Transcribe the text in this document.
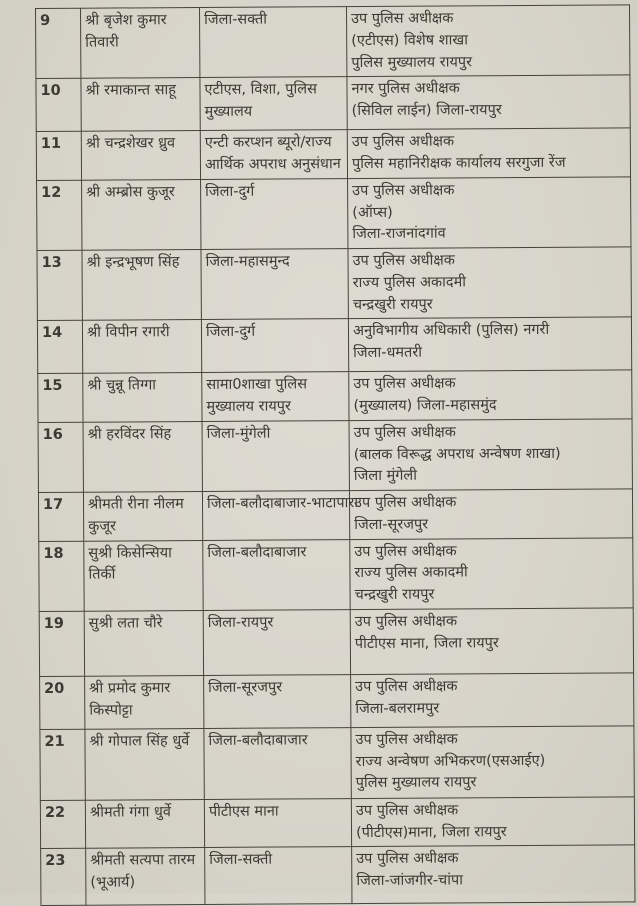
9	श्री बृजेश कुमार तिवारी	जिला-सक्ती	उप पुलिस अधीक्षक
(एटीएस) विशेष शाखा
पुलिस मुख्यालय रायपुर

10	श्री रमाकान्त साहू	एटीएस, विशा, पुलिस मुख्यालय	नगर पुलिस अधीक्षक
(सिविल लाईन) जिला-रायपुर

11	श्री चन्द्रशेखर ध्रुव	एन्टी करप्शन ब्यूरो/राज्य आर्थिक अपराध अनुसंधान	उप पुलिस अधीक्षक
पुलिस महानिरीक्षक कार्यालय सरगुजा रेंज

12	श्री अम्ब्रोस कुजूर	जिला-दुर्ग	उप पुलिस अधीक्षक
(ऑप्स)
जिला-राजनांदगांव

13	श्री इन्द्रभूषण सिंह	जिला-महासमुन्द	उप पुलिस अधीक्षक
राज्य पुलिस अकादमी
चन्द्रखुरी रायपुर

14	श्री विपीन रगारी	जिला-दुर्ग	अनुविभागीय अधिकारी (पुलिस) नगरी
जिला-धमतरी

15	श्री चुन्नू तिग्गा	सामा0शाखा पुलिस मुख्यालय रायपुर	उप पुलिस अधीक्षक
(मुख्यालय) जिला-महासमुंद

16	श्री हरविंदर सिंह	जिला-मुंगेली	उप पुलिस अधीक्षक
(बालक विरूद्ध अपराध अन्वेषण शाखा)
जिला मुंगेली

17	श्रीमती रीना नीलम कुजूर	जिला-बलौदाबाजार-भाटापारा	उप पुलिस अधीक्षक
जिला-सूरजपुर

18	सुश्री किसेन्सिया तिर्की	जिला-बलौदाबाजार	उप पुलिस अधीक्षक
राज्य पुलिस अकादमी
चन्द्रखुरी रायपुर

19	सुश्री लता चौरे	जिला-रायपुर	उप पुलिस अधीक्षक
पीटीएस माना, जिला रायपुर

20	श्री प्रमोद कुमार किस्पोट्टा	जिला-सूरजपुर	उप पुलिस अधीक्षक
जिला-बलरामपुर

21	श्री गोपाल सिंह धुर्वे	जिला-बलौदाबाजार	उप पुलिस अधीक्षक
राज्य अन्वेषण अभिकरण(एसआईए)
पुलिस मुख्यालय रायपुर

22	श्रीमती गंगा धुर्वे	पीटीएस माना	उप पुलिस अधीक्षक
(पीटीएस)माना, जिला रायपुर

23	श्रीमती सत्यपा तारम (भूआर्य)	जिला-सक्ती	उप पुलिस अधीक्षक
जिला-जांजगीर-चांपा
